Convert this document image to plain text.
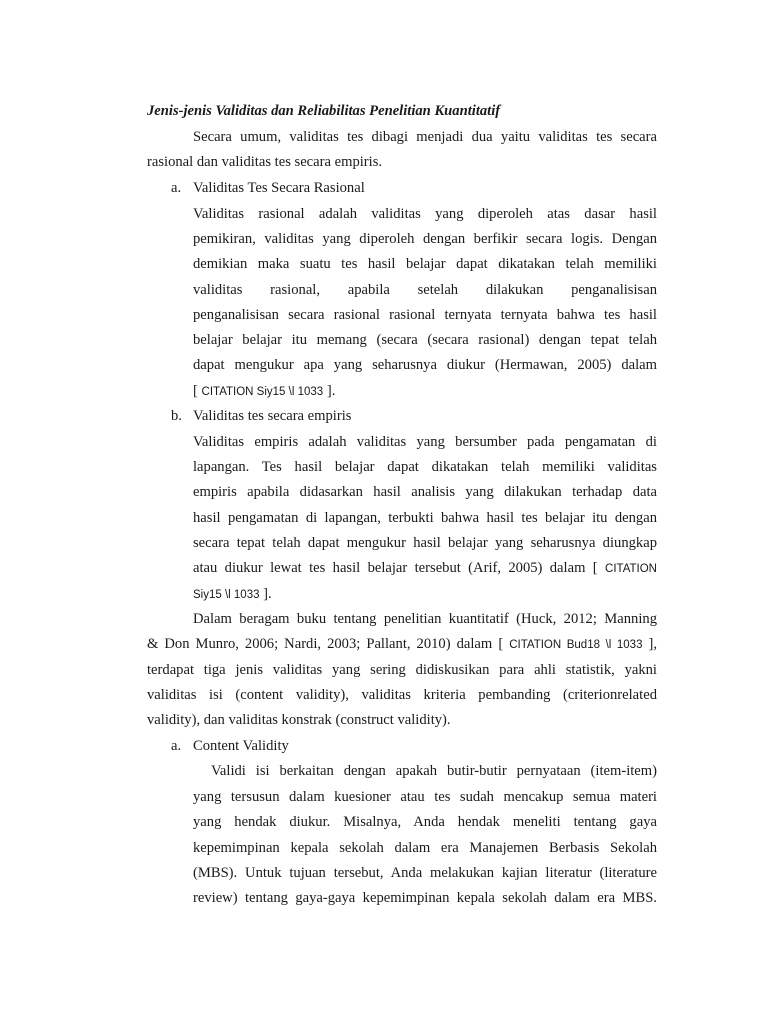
Jenis-jenis Validitas dan Reliabilitas Penelitian Kuantitatif
Secara umum, validitas tes dibagi menjadi dua yaitu validitas tes secara
rasional dan validitas tes secara empiris.
a. Validitas Tes Secara Rasional
Validitas rasional adalah validitas yang diperoleh atas dasar hasil
pemikiran, validitas yang diperoleh dengan berfikir secara logis. Dengan
demikian maka suatu tes hasil belajar dapat dikatakan telah memiliki
validitas rasional, apabila setelah dilakukan penganalisisan
penganalisisan secara rasional rasional ternyata ternyata bahwa tes hasil
belajar belajar itu memang (secara (secara rasional) dengan tepat telah
dapat mengukur apa yang seharusnya diukur (Hermawan, 2005) dalam
[ CITATION Siy15 \l 1033 ].
b. Validitas tes secara empiris
Validitas empiris adalah validitas yang bersumber pada pengamatan di
lapangan. Tes hasil belajar dapat dikatakan telah memiliki validitas
empiris apabila didasarkan hasil analisis yang dilakukan terhadap data
hasil pengamatan di lapangan, terbukti bahwa hasil tes belajar itu dengan
secara tepat telah dapat mengukur hasil belajar yang seharusnya diungkap
atau diukur lewat tes hasil belajar tersebut (Arif, 2005) dalam [ CITATION
Siy15 \l 1033 ].
Dalam beragam buku tentang penelitian kuantitatif (Huck, 2012; Manning
& Don Munro, 2006; Nardi, 2003; Pallant, 2010) dalam [ CITATION Bud18 \l 1033 ],
terdapat tiga jenis validitas yang sering didiskusikan para ahli statistik, yakni
validitas isi (content validity), validitas kriteria pembanding (criterionrelated
validity), dan validitas konstrak (construct validity).
a. Content Validity
Validi isi berkaitan dengan apakah butir-butir pernyataan (item-item)
yang tersusun dalam kuesioner atau tes sudah mencakup semua materi
yang hendak diukur. Misalnya, Anda hendak meneliti tentang gaya
kepemimpinan kepala sekolah dalam era Manajemen Berbasis Sekolah
(MBS). Untuk tujuan tersebut, Anda melakukan kajian literatur (literature
review) tentang gaya-gaya kepemimpinan kepala sekolah dalam era MBS.
